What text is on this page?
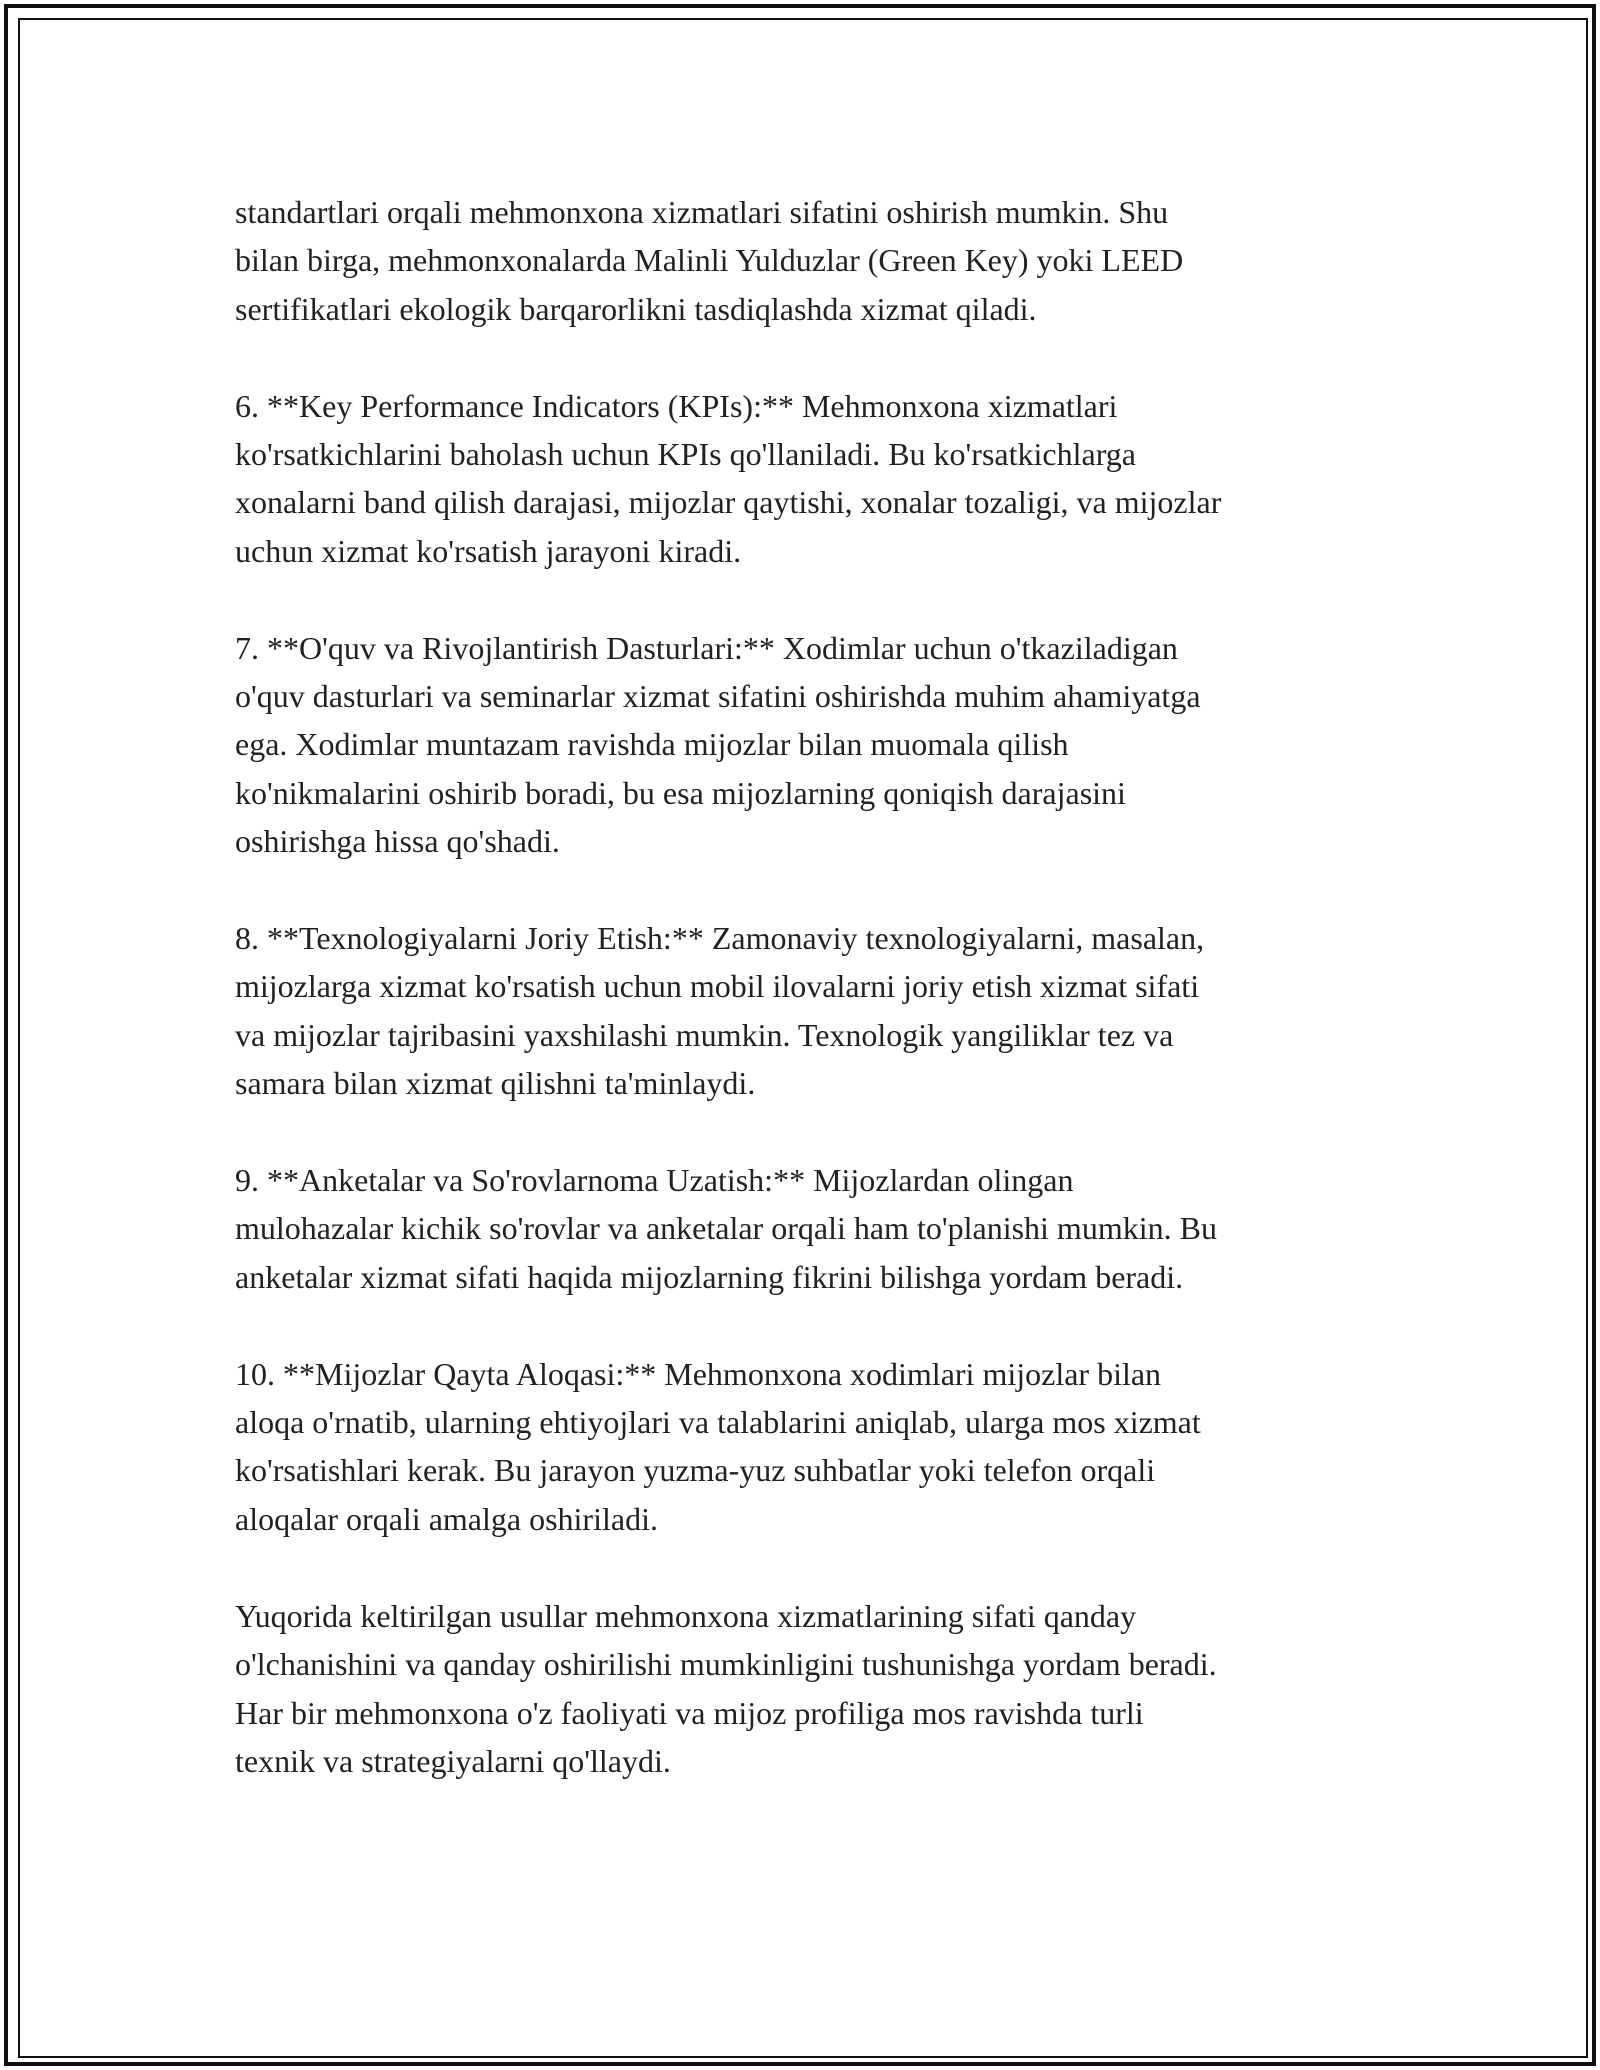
standartlari orqali mehmonxona xizmatlari sifatini oshirish mumkin. Shu
bilan birga, mehmonxonalarda Malinli Yulduzlar (Green Key) yoki LEED
sertifikatlari ekologik barqarorlikni tasdiqlashda xizmat qiladi.

6. **Key Performance Indicators (KPIs):** Mehmonxona xizmatlari
ko'rsatkichlarini baholash uchun KPIs qo'llaniladi. Bu ko'rsatkichlarga
xonalarni band qilish darajasi, mijozlar qaytishi, xonalar tozaligi, va mijozlar
uchun xizmat ko'rsatish jarayoni kiradi.

7. **O'quv va Rivojlantirish Dasturlari:** Xodimlar uchun o'tkaziladigan
o'quv dasturlari va seminarlar xizmat sifatini oshirishda muhim ahamiyatga
ega. Xodimlar muntazam ravishda mijozlar bilan muomala qilish
ko'nikmalarini oshirib boradi, bu esa mijozlarning qoniqish darajasini
oshirishga hissa qo'shadi.

8. **Texnologiyalarni Joriy Etish:** Zamonaviy texnologiyalarni, masalan,
mijozlarga xizmat ko'rsatish uchun mobil ilovalarni joriy etish xizmat sifati
va mijozlar tajribasini yaxshilashi mumkin. Texnologik yangiliklar tez va
samara bilan xizmat qilishni ta'minlaydi.

9. **Anketalar va So'rovlarnoma Uzatish:** Mijozlardan olingan
mulohazalar kichik so'rovlar va anketalar orqali ham to'planishi mumkin. Bu
anketalar xizmat sifati haqida mijozlarning fikrini bilishga yordam beradi.

10. **Mijozlar Qayta Aloqasi:** Mehmonxona xodimlari mijozlar bilan
aloqa o'rnatib, ularning ehtiyojlari va talablarini aniqlab, ularga mos xizmat
ko'rsatishlari kerak. Bu jarayon yuzma-yuz suhbatlar yoki telefon orqali
aloqalar orqali amalga oshiriladi.

Yuqorida keltirilgan usullar mehmonxona xizmatlarining sifati qanday
o'lchanishini va qanday oshirilishi mumkinligini tushunishga yordam beradi.
Har bir mehmonxona o'z faoliyati va mijoz profiliga mos ravishda turli
texnik va strategiyalarni qo'llaydi.
